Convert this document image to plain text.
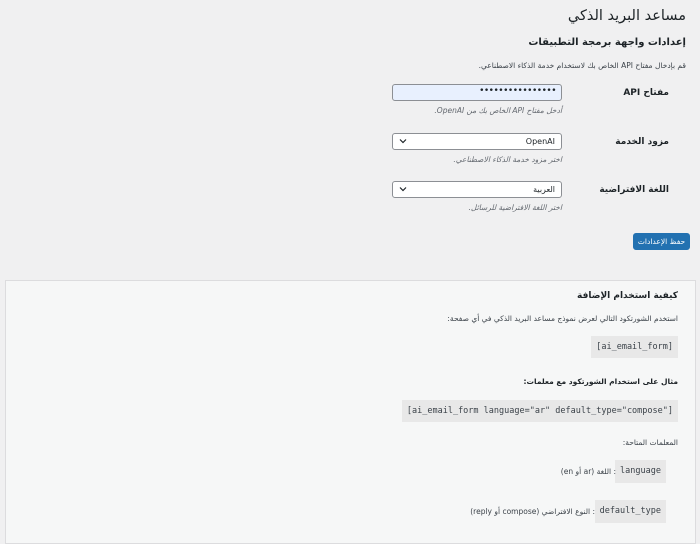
مساعد البريد الذكي
إعدادات واجهة برمجة التطبيقات
قم بإدخال مفتاح API الخاص بك لاستخدام خدمة الذكاء الاصطناعي.
مفتاح API
••••••••••••••••
أدخل مفتاح API الخاص بك من OpenAI.
مزود الخدمة
OpenAI
اختر مزود خدمة الذكاء الاصطناعي.
اللغة الافتراضية
العربية
اختر اللغة الافتراضية للرسائل.
حفظ الإعدادات
كيفية استخدام الإضافة
استخدم الشورتكود التالي لعرض نموذج مساعد البريد الذكي في أي صفحة:
[ai_email_form]
مثال على استخدام الشورتكود مع معلمات:
[ai_email_form language="ar" default_type="compose"]
المعلمات المتاحة:
language
: اللغة (ar أو en)
default_type
: النوع الافتراضي (compose أو reply)
